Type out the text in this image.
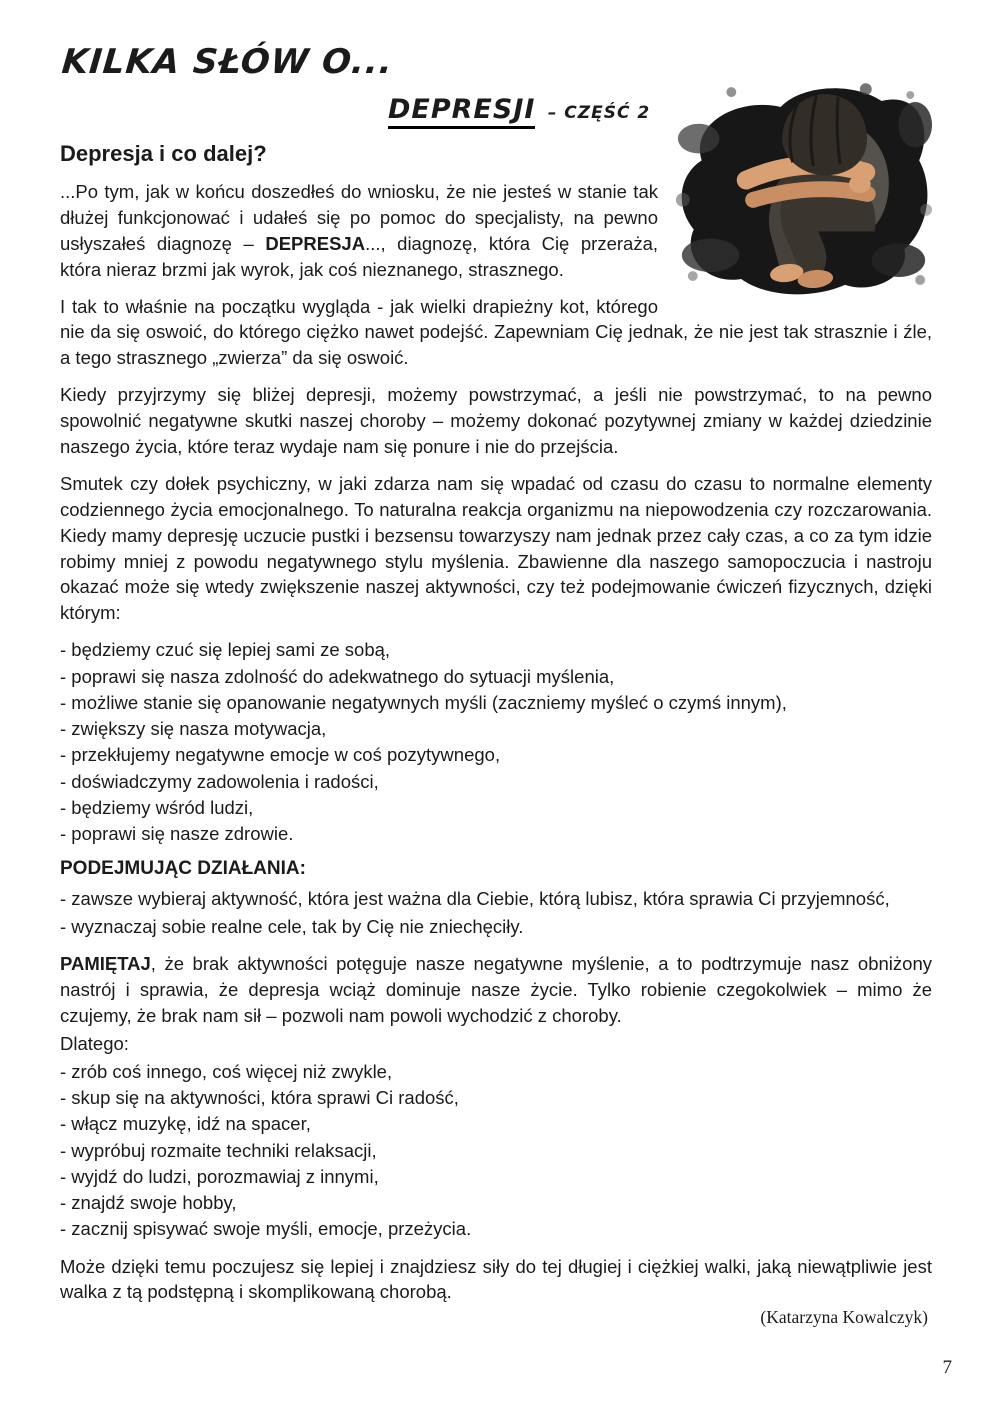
KILKA SŁÓW O...
DEPRESJI – CZĘŚĆ 2
Depresja i co dalej?

...Po tym, jak w końcu doszedłeś do wniosku, że nie jesteś w stanie tak dłużej funkcjonować i udałeś się po pomoc do specjalisty, na pewno usłyszałeś diagnozę – DEPRESJA..., diagnozę, która Cię przeraża, która nieraz brzmi jak wyrok, jak coś nieznanego, strasznego.

I tak to właśnie na początku wygląda - jak wielki drapieżny kot, którego nie da się oswoić, do którego ciężko nawet podejść. Zapewniam Cię jednak, że nie jest tak strasznie i źle, a tego strasznego „zwierza” da się oswoić.

Kiedy przyjrzymy się bliżej depresji, możemy powstrzymać, a jeśli nie powstrzymać, to na pewno spowolnić negatywne skutki naszej choroby – możemy dokonać pozytywnej zmiany w każdej dziedzinie naszego życia, które teraz wydaje nam się ponure i nie do przejścia.

Smutek czy dołek psychiczny, w jaki zdarza nam się wpadać od czasu do czasu to normalne elementy codziennego życia emocjonalnego. To naturalna reakcja organizmu na niepowodzenia czy rozczarowania. Kiedy mamy depresję uczucie pustki i bezsensu towarzyszy nam jednak przez cały czas, a co za tym idzie robimy mniej z powodu negatywnego stylu myślenia. Zbawienne dla naszego samopoczucia i nastroju okazać może się wtedy zwiększenie naszej aktywności, czy też podejmowanie ćwiczeń fizycznych, dzięki którym:

- będziemy czuć się lepiej sami ze sobą,
- poprawi się nasza zdolność do adekwatnego do sytuacji myślenia,
- możliwe stanie się opanowanie negatywnych myśli (zaczniemy myśleć o czymś innym),
- zwiększy się nasza motywacja,
- przekłujemy negatywne emocje w coś pozytywnego,
- doświadczymy zadowolenia i radości,
- będziemy wśród ludzi,
- poprawi się nasze zdrowie.
PODEJMUJĄC DZIAŁANIA:

- zawsze wybieraj aktywność, która jest ważna dla Ciebie, którą lubisz, która sprawia Ci przyjemność,

- wyznaczaj sobie realne cele, tak by Cię nie zniechęciły.

PAMIĘTAJ, że brak aktywności potęguje nasze negatywne myślenie, a to podtrzymuje nasz obniżony nastrój i sprawia, że depresja wciąż dominuje nasze życie. Tylko robienie czegokolwiek – mimo że czujemy, że brak nam sił – pozwoli nam powoli wychodzić z choroby.

Dlatego:
- zrób coś innego, coś więcej niż zwykle,
- skup się na aktywności, która sprawi Ci radość,
- włącz muzykę, idź na spacer,
- wypróbuj rozmaite techniki relaksacji,
- wyjdź do ludzi, porozmawiaj z innymi,
- znajdź swoje hobby,
- zacznij spisywać swoje myśli, emocje, przeżycia.

Może dzięki temu poczujesz się lepiej i znajdziesz siły do tej długiej i ciężkiej walki, jaką niewątpliwie jest walka z tą podstępną i skomplikowaną chorobą.

(Katarzyna Kowalczyk)
7
